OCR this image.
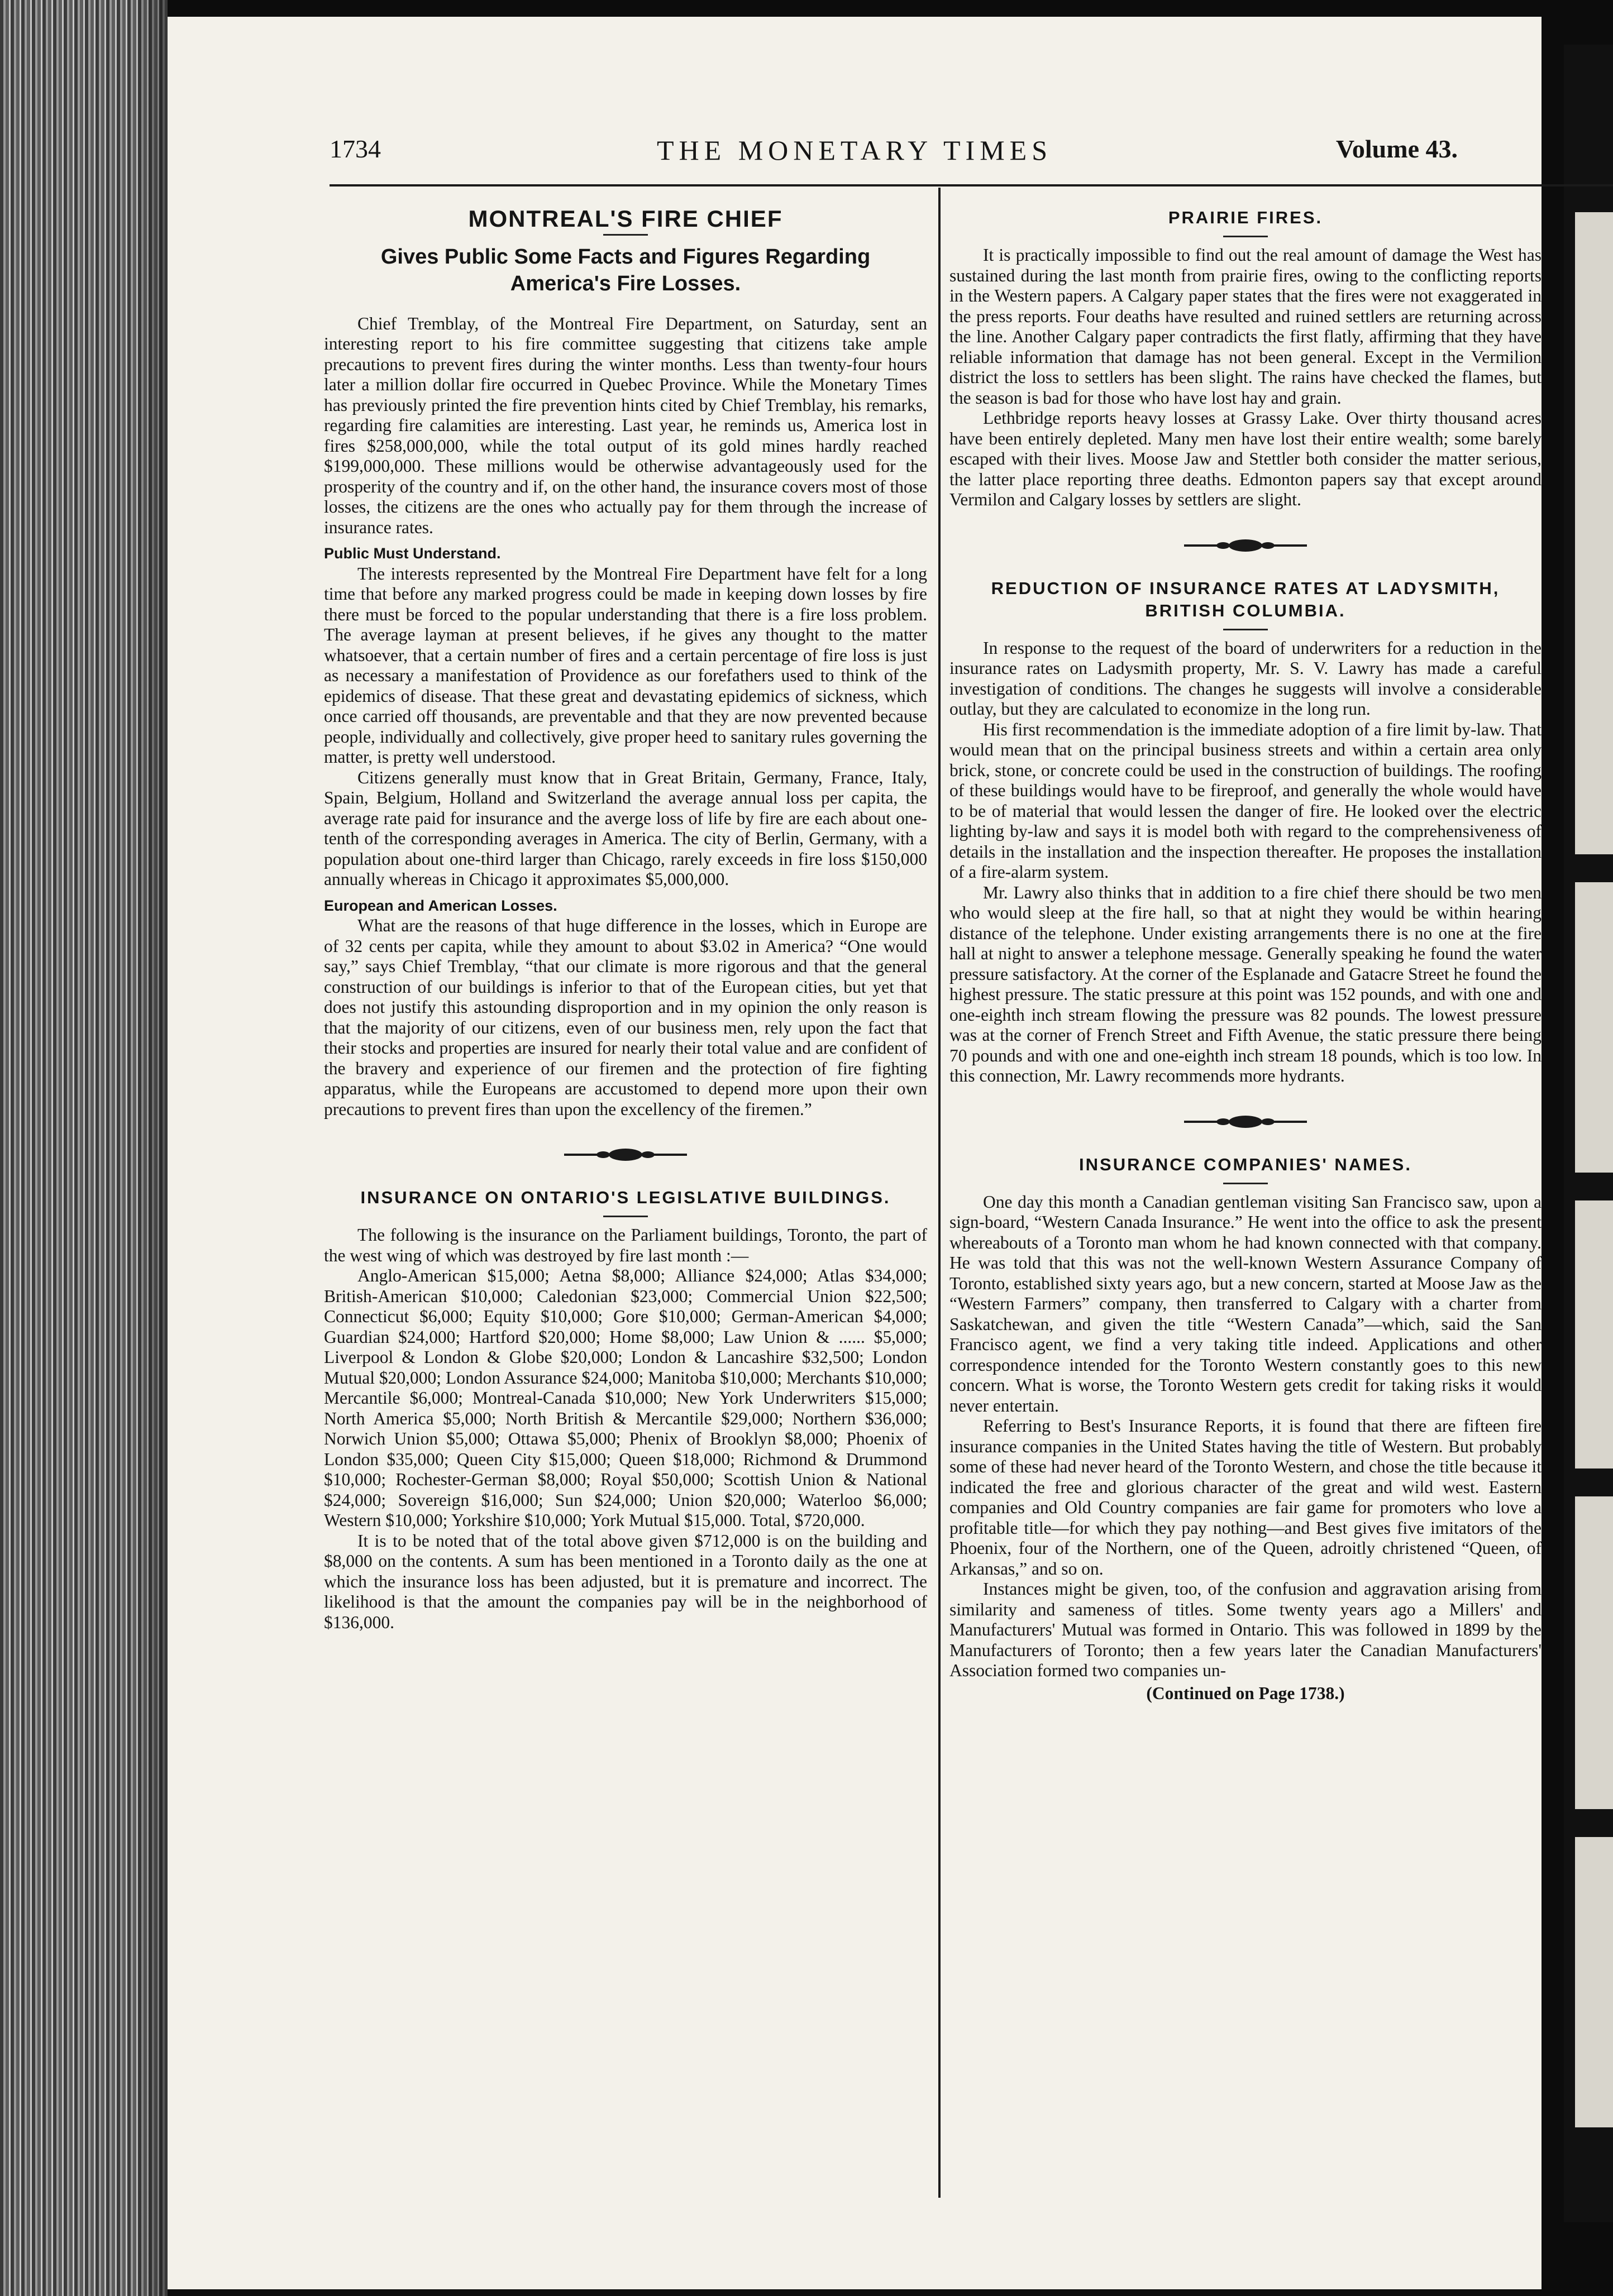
1734	THE MONETARY TIMES	Volume 43.
MONTREAL'S FIRE CHIEF
Gives Public Some Facts and Figures Regarding America's Fire Losses.

Chief Tremblay, of the Montreal Fire Department, on Saturday, sent an interesting report to his fire committee suggesting that citizens take ample precautions to prevent fires during the winter months. Less than twenty-four hours later a million dollar fire occurred in Quebec Province. While the Monetary Times has previously printed the fire prevention hints cited by Chief Tremblay, his remarks, regarding fire calamities are interesting. Last year, he reminds us, America lost in fires $258,000,000, while the total output of its gold mines hardly reached $199,000,000. These millions would be otherwise advantageously used for the prosperity of the country and if, on the other hand, the insurance covers most of those losses, the citizens are the ones who actually pay for them through the increase of insurance rates.

Public Must Understand.

The interests represented by the Montreal Fire Department have felt for a long time that before any marked progress could be made in keeping down losses by fire there must be forced to the popular understanding that there is a fire loss problem. The average layman at present believes, if he gives any thought to the matter whatsoever, that a certain number of fires and a certain percentage of fire loss is just as necessary a manifestation of Providence as our forefathers used to think of the epidemics of disease. That these great and devastating epidemics of sickness, which once carried off thousands, are preventable and that they are now prevented because people, individually and collectively, give proper heed to sanitary rules governing the matter, is pretty well understood.

Citizens generally must know that in Great Britain, Germany, France, Italy, Spain, Belgium, Holland and Switzerland the average annual loss per capita, the average rate paid for insurance and the averge loss of life by fire are each about one-tenth of the corresponding averages in America. The city of Berlin, Germany, with a population about one-third larger than Chicago, rarely exceeds in fire loss $150,000 annually whereas in Chicago it approximates $5,000,000.

European and American Losses.

What are the reasons of that huge difference in the losses, which in Europe are of 32 cents per capita, while they amount to about $3.02 in America? “One would say,” says Chief Tremblay, “that our climate is more rigorous and that the general construction of our buildings is inferior to that of the European cities, but yet that does not justify this astounding disproportion and in my opinion the only reason is that the majority of our citizens, even of our business men, rely upon the fact that their stocks and properties are insured for nearly their total value and are confident of the bravery and experience of our firemen and the protection of fire fighting apparatus, while the Europeans are accustomed to depend more upon their own precautions to prevent fires than upon the excellency of the firemen.”

INSURANCE ON ONTARIO'S LEGISLATIVE BUILDINGS.

The following is the insurance on the Parliament buildings, Toronto, the part of the west wing of which was destroyed by fire last month :—

Anglo-American $15,000; Aetna $8,000; Alliance $24,000; Atlas $34,000; British-American $10,000; Caledonian $23,000; Commercial Union $22,500; Connecticut $6,000; Equity $10,000; Gore $10,000; German-American $4,000; Guardian $24,000; Hartford $20,000; Home $8,000; Law Union & ...... $5,000; Liverpool & London & Globe $20,000; London & Lancashire $32,500; London Mutual $20,000; London Assurance $24,000; Manitoba $10,000; Merchants $10,000; Mercantile $6,000; Montreal-Canada $10,000; New York Underwriters $15,000; North America $5,000; North British & Mercantile $29,000; Northern $36,000; Norwich Union $5,000; Ottawa $5,000; Phenix of Brooklyn $8,000; Phoenix of London $35,000; Queen City $15,000; Queen $18,000; Richmond & Drummond $10,000; Rochester-German $8,000; Royal $50,000; Scottish Union & National $24,000; Sovereign $16,000; Sun $24,000; Union $20,000; Waterloo $6,000; Western $10,000; Yorkshire $10,000; York Mutual $15,000. Total, $720,000.

It is to be noted that of the total above given $712,000 is on the building and $8,000 on the contents. A sum has been mentioned in a Toronto daily as the one at which the insurance loss has been adjusted, but it is premature and incorrect. The likelihood is that the amount the companies pay will be in the neighborhood of $136,000.

PRAIRIE FIRES.

It is practically impossible to find out the real amount of damage the West has sustained during the last month from prairie fires, owing to the conflicting reports in the Western papers. A Calgary paper states that the fires were not exaggerated in the press reports. Four deaths have resulted and ruined settlers are returning across the line. Another Calgary paper contradicts the first flatly, affirming that they have reliable information that damage has not been general. Except in the Vermilion district the loss to settlers has been slight. The rains have checked the flames, but the season is bad for those who have lost hay and grain.

Lethbridge reports heavy losses at Grassy Lake. Over thirty thousand acres have been entirely depleted. Many men have lost their entire wealth; some barely escaped with their lives. Moose Jaw and Stettler both consider the matter serious, the latter place reporting three deaths. Edmonton papers say that except around Vermilon and Calgary losses by settlers are slight.

REDUCTION OF INSURANCE RATES AT LADYSMITH, BRITISH COLUMBIA.

In response to the request of the board of underwriters for a reduction in the insurance rates on Ladysmith property, Mr. S. V. Lawry has made a careful investigation of conditions. The changes he suggests will involve a considerable outlay, but they are calculated to economize in the long run.

His first recommendation is the immediate adoption of a fire limit by-law. That would mean that on the principal business streets and within a certain area only brick, stone, or concrete could be used in the construction of buildings. The roofing of these buildings would have to be fireproof, and generally the whole would have to be of material that would lessen the danger of fire. He looked over the electric lighting by-law and says it is model both with regard to the comprehensiveness of details in the installation and the inspection thereafter. He proposes the installation of a fire-alarm system.

Mr. Lawry also thinks that in addition to a fire chief there should be two men who would sleep at the fire hall, so that at night they would be within hearing distance of the telephone. Under existing arrangements there is no one at the fire hall at night to answer a telephone message. Generally speaking he found the water pressure satisfactory. At the corner of the Esplanade and Gatacre Street he found the highest pressure. The static pressure at this point was 152 pounds, and with one and one-eighth inch stream flowing the pressure was 82 pounds. The lowest pressure was at the corner of French Street and Fifth Avenue, the static pressure there being 70 pounds and with one and one-eighth inch stream 18 pounds, which is too low. In this connection, Mr. Lawry recommends more hydrants.

INSURANCE COMPANIES' NAMES.

One day this month a Canadian gentleman visiting San Francisco saw, upon a sign-board, “Western Canada Insurance.” He went into the office to ask the present whereabouts of a Toronto man whom he had known connected with that company. He was told that this was not the well-known Western Assurance Company of Toronto, established sixty years ago, but a new concern, started at Moose Jaw as the “Western Farmers” company, then transferred to Calgary with a charter from Saskatchewan, and given the title “Western Canada”—which, said the San Francisco agent, we find a very taking title indeed. Applications and other correspondence intended for the Toronto Western constantly goes to this new concern. What is worse, the Toronto Western gets credit for taking risks it would never entertain.

Referring to Best's Insurance Reports, it is found that there are fifteen fire insurance companies in the United States having the title of Western. But probably some of these had never heard of the Toronto Western, and chose the title because it indicated the free and glorious character of the great and wild west. Eastern companies and Old Country companies are fair game for promoters who love a profitable title—for which they pay nothing—and Best gives five imitators of the Phoenix, four of the Northern, one of the Queen, adroitly christened “Queen, of Arkansas,” and so on.

Instances might be given, too, of the confusion and aggravation arising from similarity and sameness of titles. Some twenty years ago a Millers' and Manufacturers' Mutual was formed in Ontario. This was followed in 1899 by the Manufacturers of Toronto; then a few years later the Canadian Manufacturers' Association formed two companies un-

(Continued on Page 1738.)
